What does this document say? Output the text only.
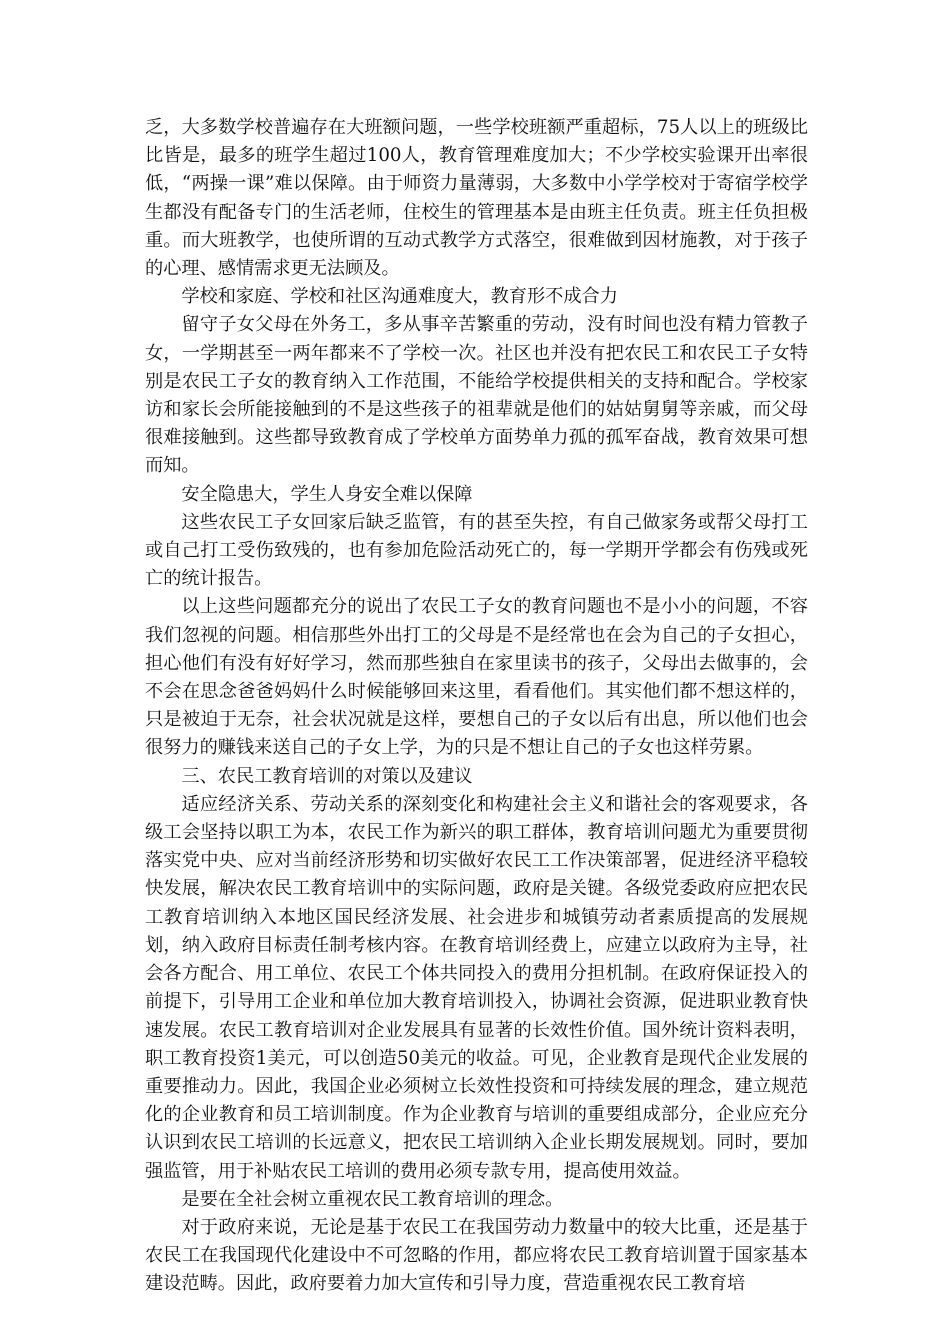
乏，大多数学校普遍存在大班额问题，一些学校班额严重超标，75人以上的班级比比皆是，最多的班学生超过100人，教育管理难度加大；不少学校实验课开出率很低，“两操一课”难以保障。由于师资力量薄弱，大多数中小学学校对于寄宿学校学生都没有配备专门的生活老师，住校生的管理基本是由班主任负责。班主任负担极重。而大班教学，也使所谓的互动式教学方式落空，很难做到因材施教，对于孩子的心理、感情需求更无法顾及。

学校和家庭、学校和社区沟通难度大，教育形不成合力

留守子女父母在外务工，多从事辛苦繁重的劳动，没有时间也没有精力管教子女，一学期甚至一两年都来不了学校一次。社区也并没有把农民工和农民工子女特别是农民工子女的教育纳入工作范围，不能给学校提供相关的支持和配合。学校家访和家长会所能接触到的不是这些孩子的祖辈就是他们的姑姑舅舅等亲戚，而父母很难接触到。这些都导致教育成了学校单方面势单力孤的孤军奋战，教育效果可想而知。

安全隐患大，学生人身安全难以保障

这些农民工子女回家后缺乏监管，有的甚至失控，有自己做家务或帮父母打工或自己打工受伤致残的，也有参加危险活动死亡的，每一学期开学都会有伤残或死亡的统计报告。

以上这些问题都充分的说出了农民工子女的教育问题也不是小小的问题，不容我们忽视的问题。相信那些外出打工的父母是不是经常也在会为自己的子女担心，担心他们有没有好好学习，然而那些独自在家里读书的孩子，父母出去做事的，会不会在思念爸爸妈妈什么时候能够回来这里，看看他们。其实他们都不想这样的，只是被迫于无奈，社会状况就是这样，要想自己的子女以后有出息，所以他们也会很努力的赚钱来送自己的子女上学，为的只是不想让自己的子女也这样劳累。

三、农民工教育培训的对策以及建议

适应经济关系、劳动关系的深刻变化和构建社会主义和谐社会的客观要求，各级工会坚持以职工为本，农民工作为新兴的职工群体，教育培训问题尤为重要贯彻落实党中央、应对当前经济形势和切实做好农民工工作决策部署，促进经济平稳较快发展，解决农民工教育培训中的实际问题，政府是关键。各级党委政府应把农民工教育培训纳入本地区国民经济发展、社会进步和城镇劳动者素质提高的发展规划，纳入政府目标责任制考核内容。在教育培训经费上，应建立以政府为主导，社会各方配合、用工单位、农民工个体共同投入的费用分担机制。在政府保证投入的前提下，引导用工企业和单位加大教育培训投入，协调社会资源，促进职业教育快速发展。农民工教育培训对企业发展具有显著的长效性价值。国外统计资料表明，职工教育投资1美元，可以创造50美元的收益。可见，企业教育是现代企业发展的重要推动力。因此，我国企业必须树立长效性投资和可持续发展的理念，建立规范化的企业教育和员工培训制度。作为企业教育与培训的重要组成部分，企业应充分认识到农民工培训的长远意义，把农民工培训纳入企业长期发展规划。同时，要加强监管，用于补贴农民工培训的费用必须专款专用，提高使用效益。

是要在全社会树立重视农民工教育培训的理念。

对于政府来说，无论是基于农民工在我国劳动力数量中的较大比重，还是基于农民工在我国现代化建设中不可忽略的作用，都应将农民工教育培训置于国家基本建设范畴。因此，政府要着力加大宣传和引导力度，营造重视农民工教育培
